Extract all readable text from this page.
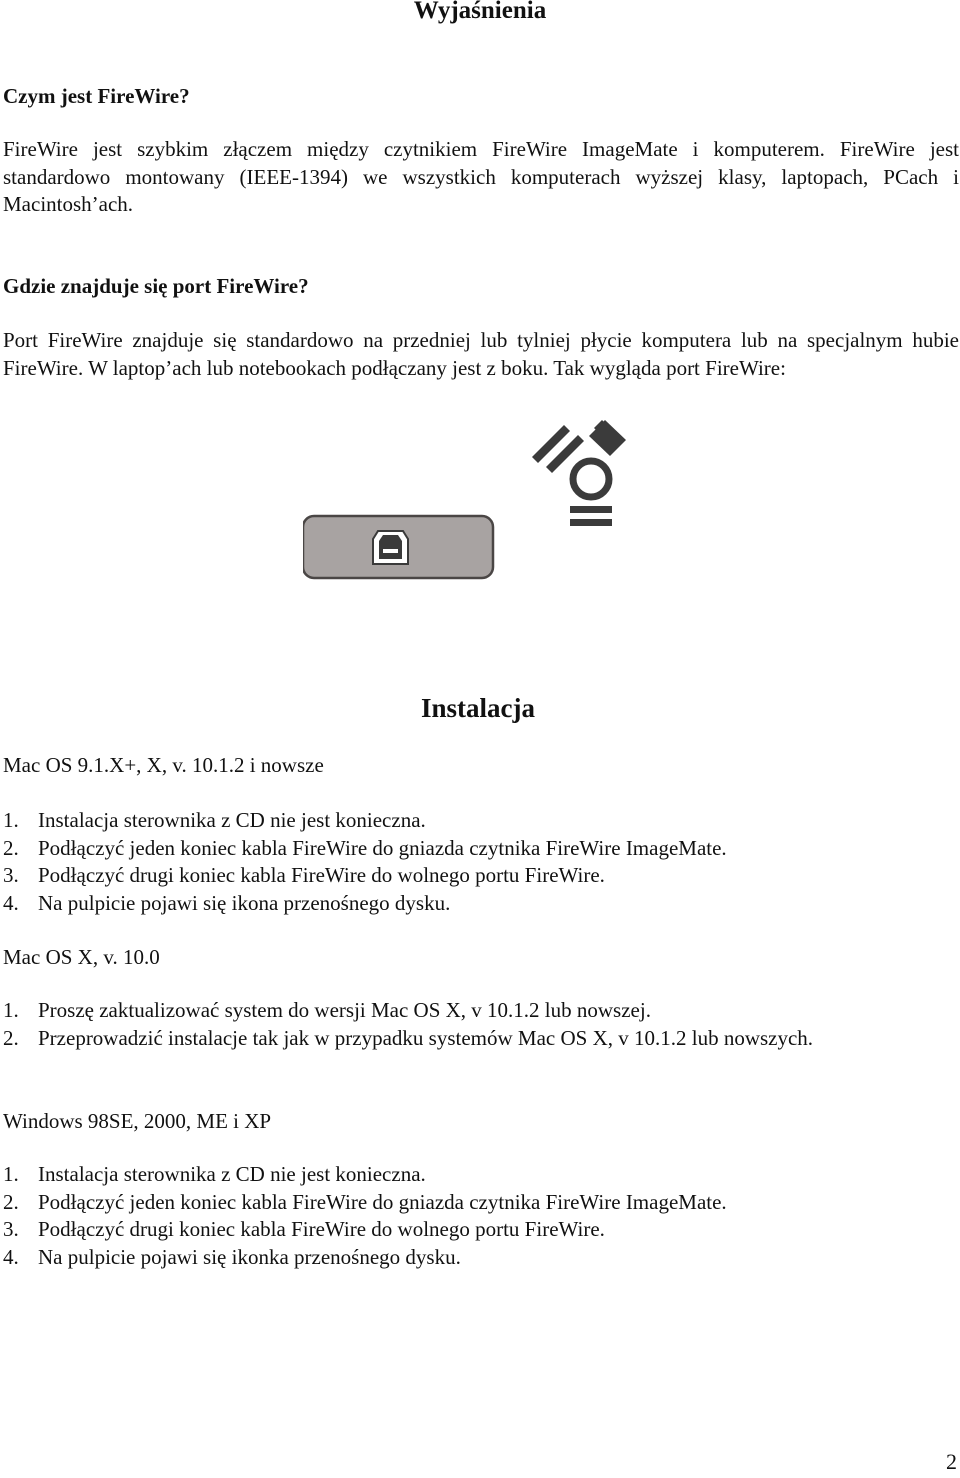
Wyjaśnienia
Czym jest FireWire?
FireWire jest szybkim złączem między czytnikiem FireWire ImageMate i komputerem. FireWire jest standardowo montowany (IEEE-1394) we wszystkich komputerach wyższej klasy, laptopach, PCach i Macintosh’ach.
Gdzie znajduje się port FireWire?
Port FireWire znajduje się standardowo na przedniej lub tylniej płycie komputera lub na specjalnym hubie FireWire. W laptop’ach lub notebookach podłączany jest z boku. Tak wygląda port FireWire:
Instalacja
Mac OS 9.1.X+, X, v. 10.1.2 i nowsze
1. Instalacja sterownika z CD nie jest konieczna.
2. Podłączyć jeden koniec kabla FireWire do gniazda czytnika FireWire ImageMate.
3. Podłączyć drugi koniec kabla FireWire do wolnego portu FireWire.
4. Na pulpicie pojawi się ikona przenośnego dysku.
Mac OS X, v. 10.0
1. Proszę zaktualizować system do wersji Mac OS X, v 10.1.2 lub nowszej.
2. Przeprowadzić instalacje tak jak w przypadku systemów Mac OS X, v 10.1.2 lub nowszych.
Windows 98SE, 2000, ME i XP
1. Instalacja sterownika z CD nie jest konieczna.
2. Podłączyć jeden koniec kabla FireWire do gniazda czytnika FireWire ImageMate.
3. Podłączyć drugi koniec kabla FireWire do wolnego portu FireWire.
4. Na pulpicie pojawi się ikonka przenośnego dysku.
2
